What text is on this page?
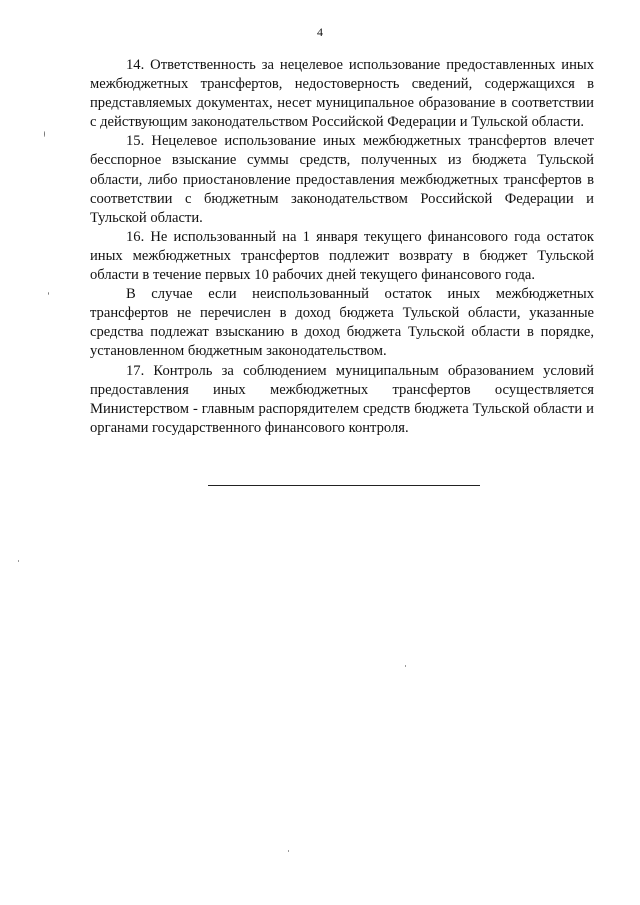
4

14. Ответственность за нецелевое использование предоставленных иных межбюджетных трансфертов, недостоверность сведений, содержащихся в представляемых документах, несет муниципальное образование в соответствии с действующим законодательством Российской Федерации и Тульской области.

15. Нецелевое использование иных межбюджетных трансфертов влечет бесспорное взыскание суммы средств, полученных из бюджета Тульской области, либо приостановление предоставления межбюджетных трансфертов в соответствии с бюджетным законодательством Российской Федерации и Тульской области.

16. Не использованный на 1 января текущего финансового года остаток иных межбюджетных трансфертов подлежит возврату в бюджет Тульской области в течение первых 10 рабочих дней текущего финансового года.

В случае если неиспользованный остаток иных межбюджетных трансфертов не перечислен в доход бюджета Тульской области, указанные средства подлежат взысканию в доход бюджета Тульской области в порядке, установленном бюджетным законодательством.

17. Контроль за соблюдением муниципальным образованием условий предоставления иных межбюджетных трансфертов осуществляется Министерством - главным распорядителем средств бюджета Тульской области и органами государственного финансового контроля.
